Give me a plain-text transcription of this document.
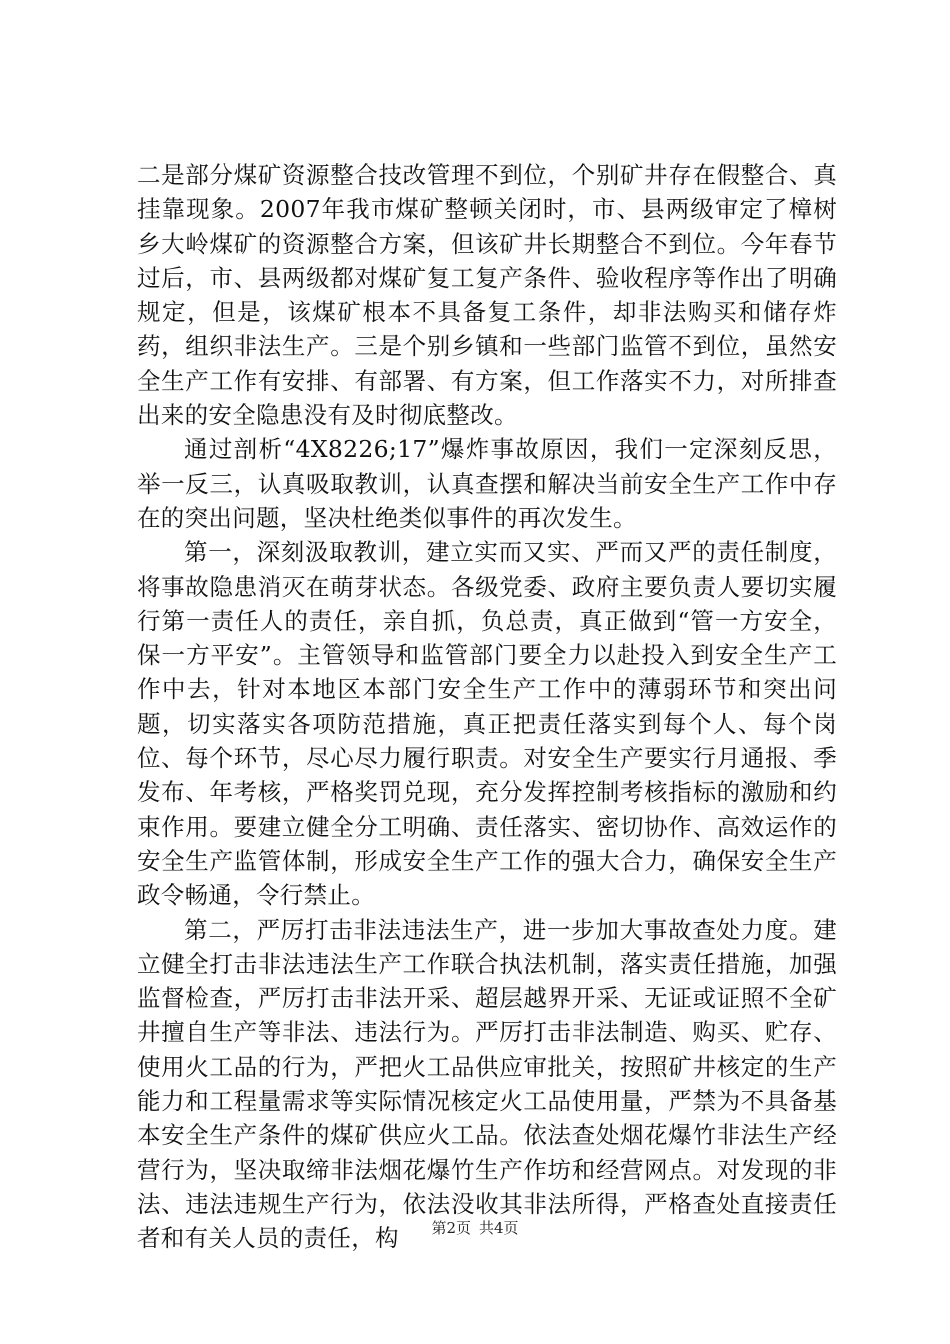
二是部分煤矿资源整合技改管理不到位，个别矿井存在假整合、真挂靠现象。2007年我市煤矿整顿关闭时，市、县两级审定了樟树乡大岭煤矿的资源整合方案，但该矿井长期整合不到位。今年春节过后，市、县两级都对煤矿复工复产条件、验收程序等作出了明确规定，但是，该煤矿根本不具备复工条件，却非法购买和储存炸药，组织非法生产。三是个别乡镇和一些部门监管不到位，虽然安全生产工作有安排、有部署、有方案，但工作落实不力，对所排查出来的安全隐患没有及时彻底整改。

通过剖析“4X8226;17”爆炸事故原因，我们一定深刻反思，举一反三，认真吸取教训，认真查摆和解决当前安全生产工作中存在的突出问题，坚决杜绝类似事件的再次发生。

第一，深刻汲取教训，建立实而又实、严而又严的责任制度，将事故隐患消灭在萌芽状态。各级党委、政府主要负责人要切实履行第一责任人的责任，亲自抓，负总责，真正做到“管一方安全，保一方平安”。主管领导和监管部门要全力以赴投入到安全生产工作中去，针对本地区本部门安全生产工作中的薄弱环节和突出问题，切实落实各项防范措施，真正把责任落实到每个人、每个岗位、每个环节，尽心尽力履行职责。对安全生产要实行月通报、季发布、年考核，严格奖罚兑现，充分发挥控制考核指标的激励和约束作用。要建立健全分工明确、责任落实、密切协作、高效运作的安全生产监管体制，形成安全生产工作的强大合力，确保安全生产政令畅通，令行禁止。

第二，严厉打击非法违法生产，进一步加大事故查处力度。建立健全打击非法违法生产工作联合执法机制，落实责任措施，加强监督检查，严厉打击非法开采、超层越界开采、无证或证照不全矿井擅自生产等非法、违法行为。严厉打击非法制造、购买、贮存、使用火工品的行为，严把火工品供应审批关，按照矿井核定的生产能力和工程量需求等实际情况核定火工品使用量，严禁为不具备基本安全生产条件的煤矿供应火工品。依法查处烟花爆竹非法生产经营行为，坚决取缔非法烟花爆竹生产作坊和经营网点。对发现的非法、违法违规生产行为，依法没收其非法所得，严格查处直接责任者和有关人员的责任，构	第2页 共4页
